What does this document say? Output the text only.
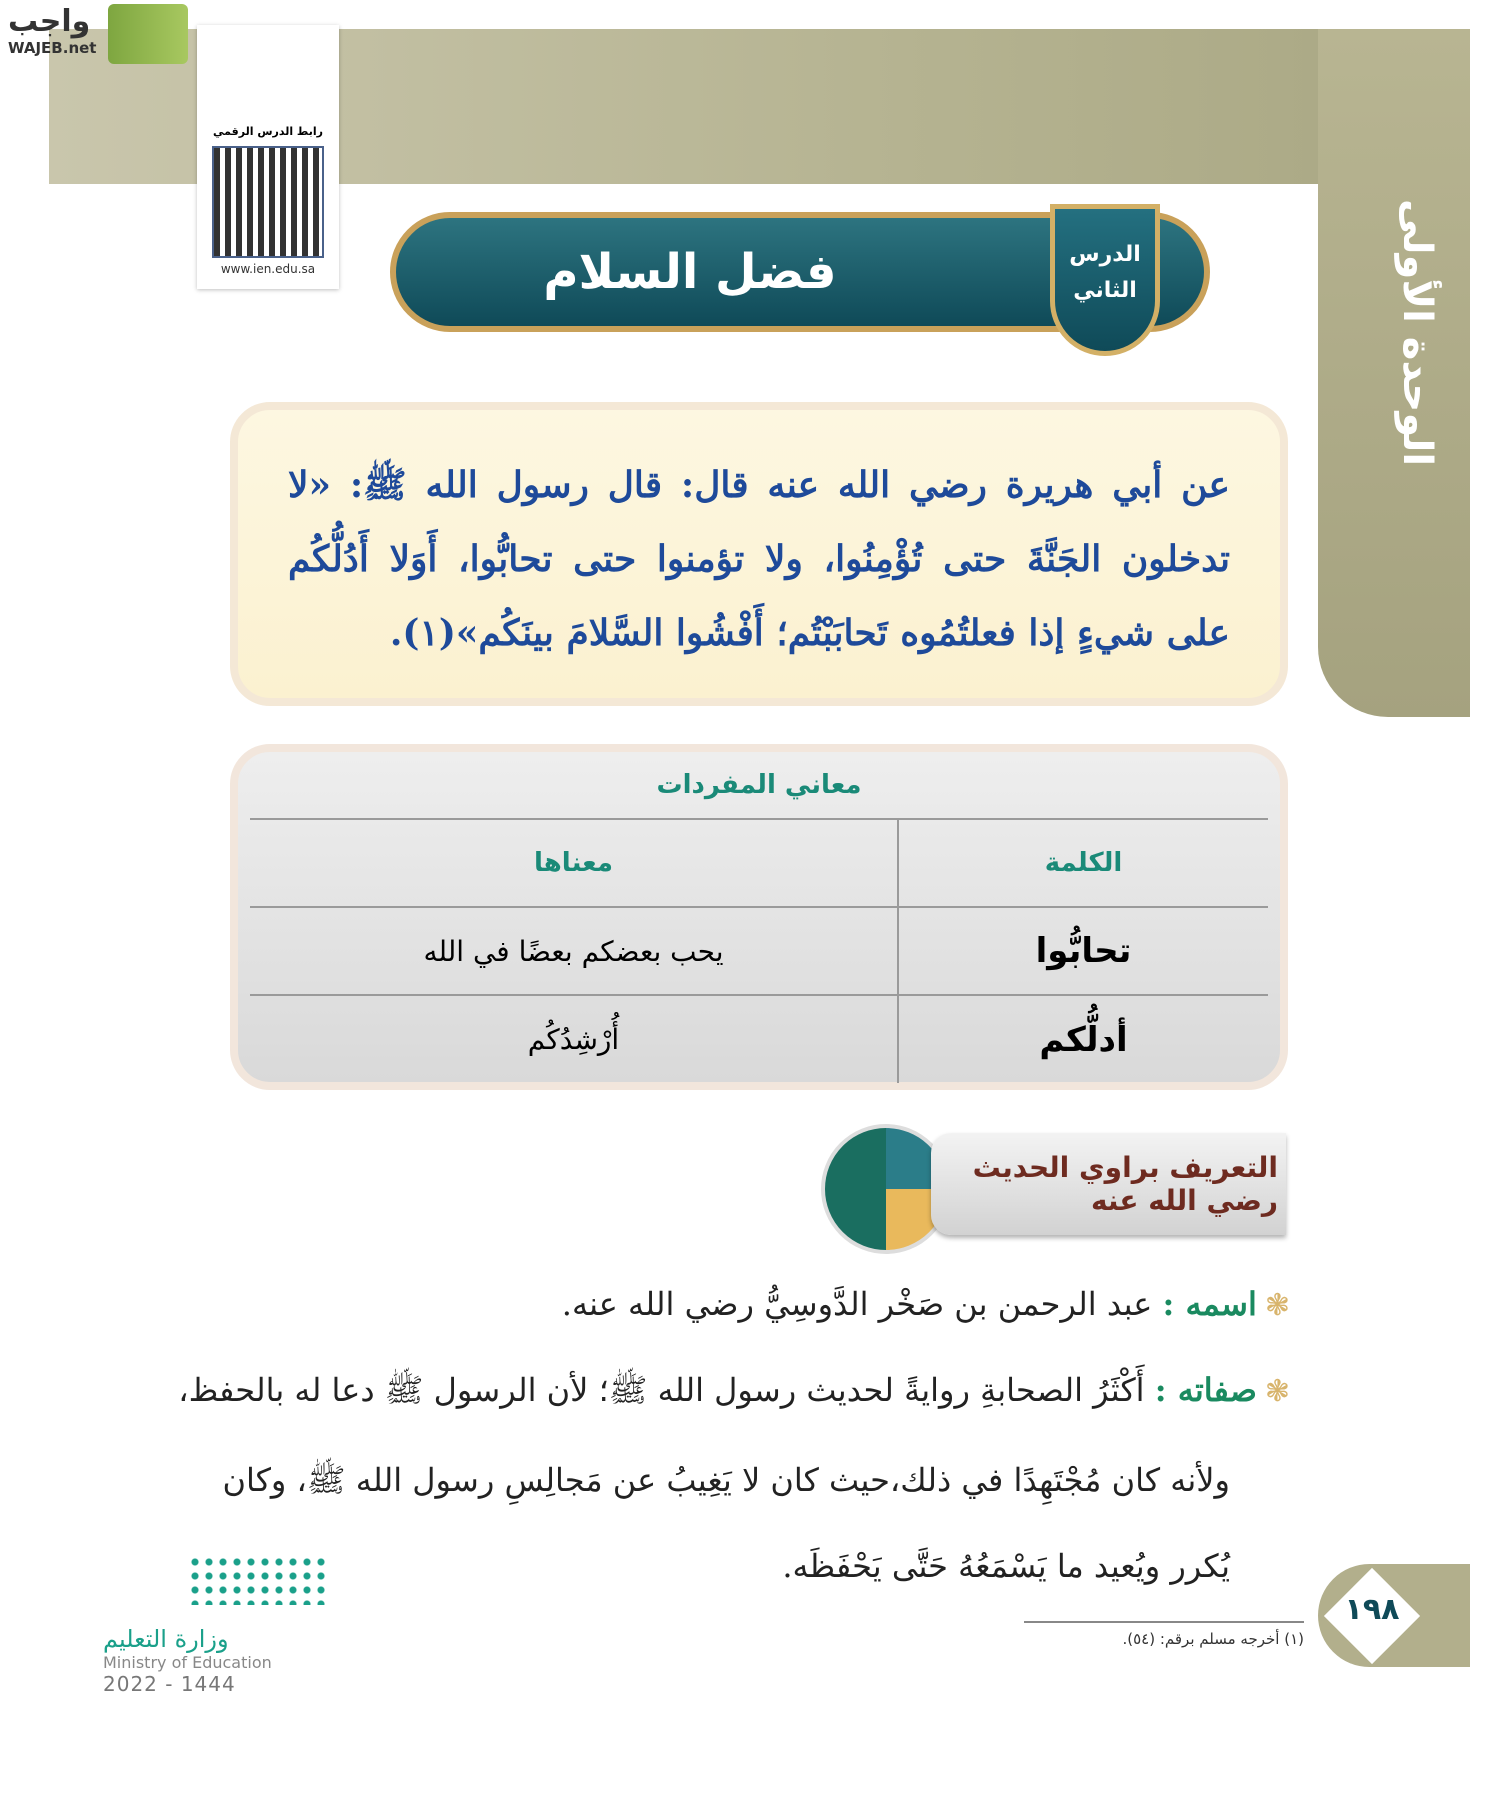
الوحدة الأولى
واجب
WAJEB.net
رابط الدرس الرقمي
www.ien.edu.sa	فضل السلام	الدرس الثاني
عن أبي هريرة رضي الله عنه قال: قال رسول الله ﷺ: «لا تدخلون الجَنَّةَ حتى تُؤْمِنُوا، ولا تؤمنوا حتى تحابُّوا، أَوَلا أَدُلُّكُم على شيءٍ إذا فعلتُمُوه تَحابَبْتُم؛ أَفْشُوا السَّلامَ بينَكُم»(١).
معاني المفردات
الكلمة	معناها
تحابُّوا	يحب بعضكم بعضًا في الله
أدلُّكم	أُرْشِدُكُم
التعريف براوي الحديث رضي الله عنه
❃اسمه : عبد الرحمن بن صَخْر الدَّوسِيُّ رضي الله عنه.
❃صفاته : أَكْثَرُ الصحابةِ روايةً لحديث رسول الله ﷺ؛ لأن الرسول ﷺ دعا له بالحفظ،
ولأنه كان مُجْتَهِدًا في ذلك،حيث كان لا يَغِيبُ عن مَجالِسِ رسول الله ﷺ، وكان
يُكرر ويُعيد ما يَسْمَعُهُ حَتَّى يَحْفَظَه.
(١) أخرجه مسلم برقم: (٥٤).
١٩٨
وزارة التعليم
Ministry of Education
2022 - 1444
